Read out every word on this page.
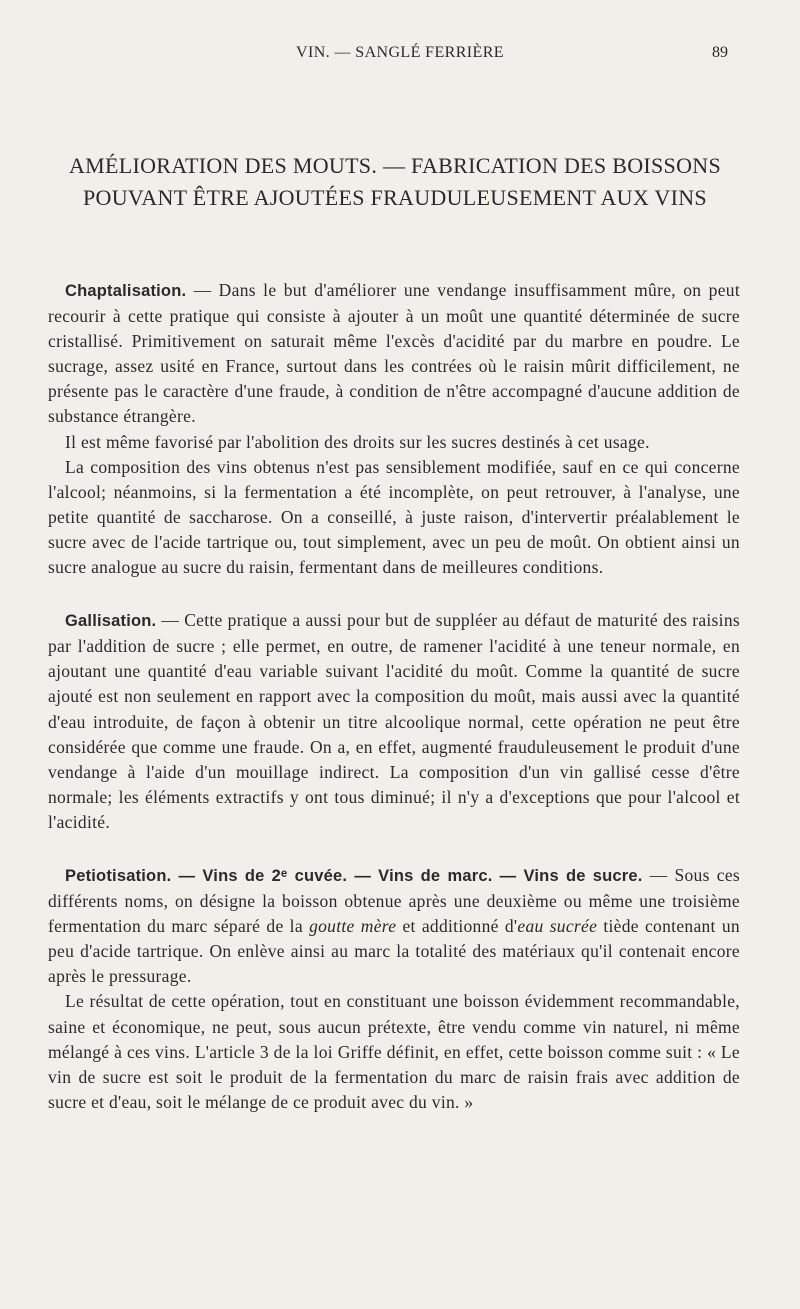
VIN. — SANGLÉ FERRIÈRE	89
AMÉLIORATION DES MOUTS. — FABRICATION DES BOISSONS
POUVANT ÊTRE AJOUTÉES FRAUDULEUSEMENT AUX VINS

Chaptalisation. — Dans le but d'améliorer une vendange insuffisamment mûre, on peut recourir à cette pratique qui consiste à ajouter à un moût une quantité déterminée de sucre cristallisé. Primitivement on saturait même l'excès d'acidité par du marbre en poudre. Le sucrage, assez usité en France, surtout dans les contrées où le raisin mûrit difficilement, ne présente pas le caractère d'une fraude, à condition de n'être accompagné d'aucune addition de substance étrangère.

Il est même favorisé par l'abolition des droits sur les sucres destinés à cet usage.

La composition des vins obtenus n'est pas sensiblement modifiée, sauf en ce qui concerne l'alcool; néanmoins, si la fermentation a été incomplète, on peut retrouver, à l'analyse, une petite quantité de saccharose. On a conseillé, à juste raison, d'intervertir préalablement le sucre avec de l'acide tartrique ou, tout simplement, avec un peu de moût. On obtient ainsi un sucre analogue au sucre du raisin, fermentant dans de meilleures conditions.

Gallisation. — Cette pratique a aussi pour but de suppléer au défaut de maturité des raisins par l'addition de sucre ; elle permet, en outre, de ramener l'acidité à une teneur normale, en ajoutant une quantité d'eau variable suivant l'acidité du moût. Comme la quantité de sucre ajouté est non seulement en rapport avec la composition du moût, mais aussi avec la quantité d'eau introduite, de façon à obtenir un titre alcoolique normal, cette opération ne peut être considérée que comme une fraude. On a, en effet, augmenté frauduleusement le produit d'une vendange à l'aide d'un mouillage indirect. La composition d'un vin gallisé cesse d'être normale; les éléments extractifs y ont tous diminué; il n'y a d'exceptions que pour l'alcool et l'acidité.

Petiotisation. — Vins de 2ᵉ cuvée. — Vins de marc. — Vins de sucre. — Sous ces différents noms, on désigne la boisson obtenue après une deuxième ou même une troisième fermentation du marc séparé de la goutte mère et additionné d'eau sucrée tiède contenant un peu d'acide tartrique. On enlève ainsi au marc la totalité des matériaux qu'il contenait encore après le pressurage.

Le résultat de cette opération, tout en constituant une boisson évidemment recommandable, saine et économique, ne peut, sous aucun prétexte, être vendu comme vin naturel, ni même mélangé à ces vins. L'article 3 de la loi Griffe définit, en effet, cette boisson comme suit : « Le vin de sucre est soit le produit de la fermentation du marc de raisin frais avec addition de sucre et d'eau, soit le mélange de ce produit avec du vin. »
